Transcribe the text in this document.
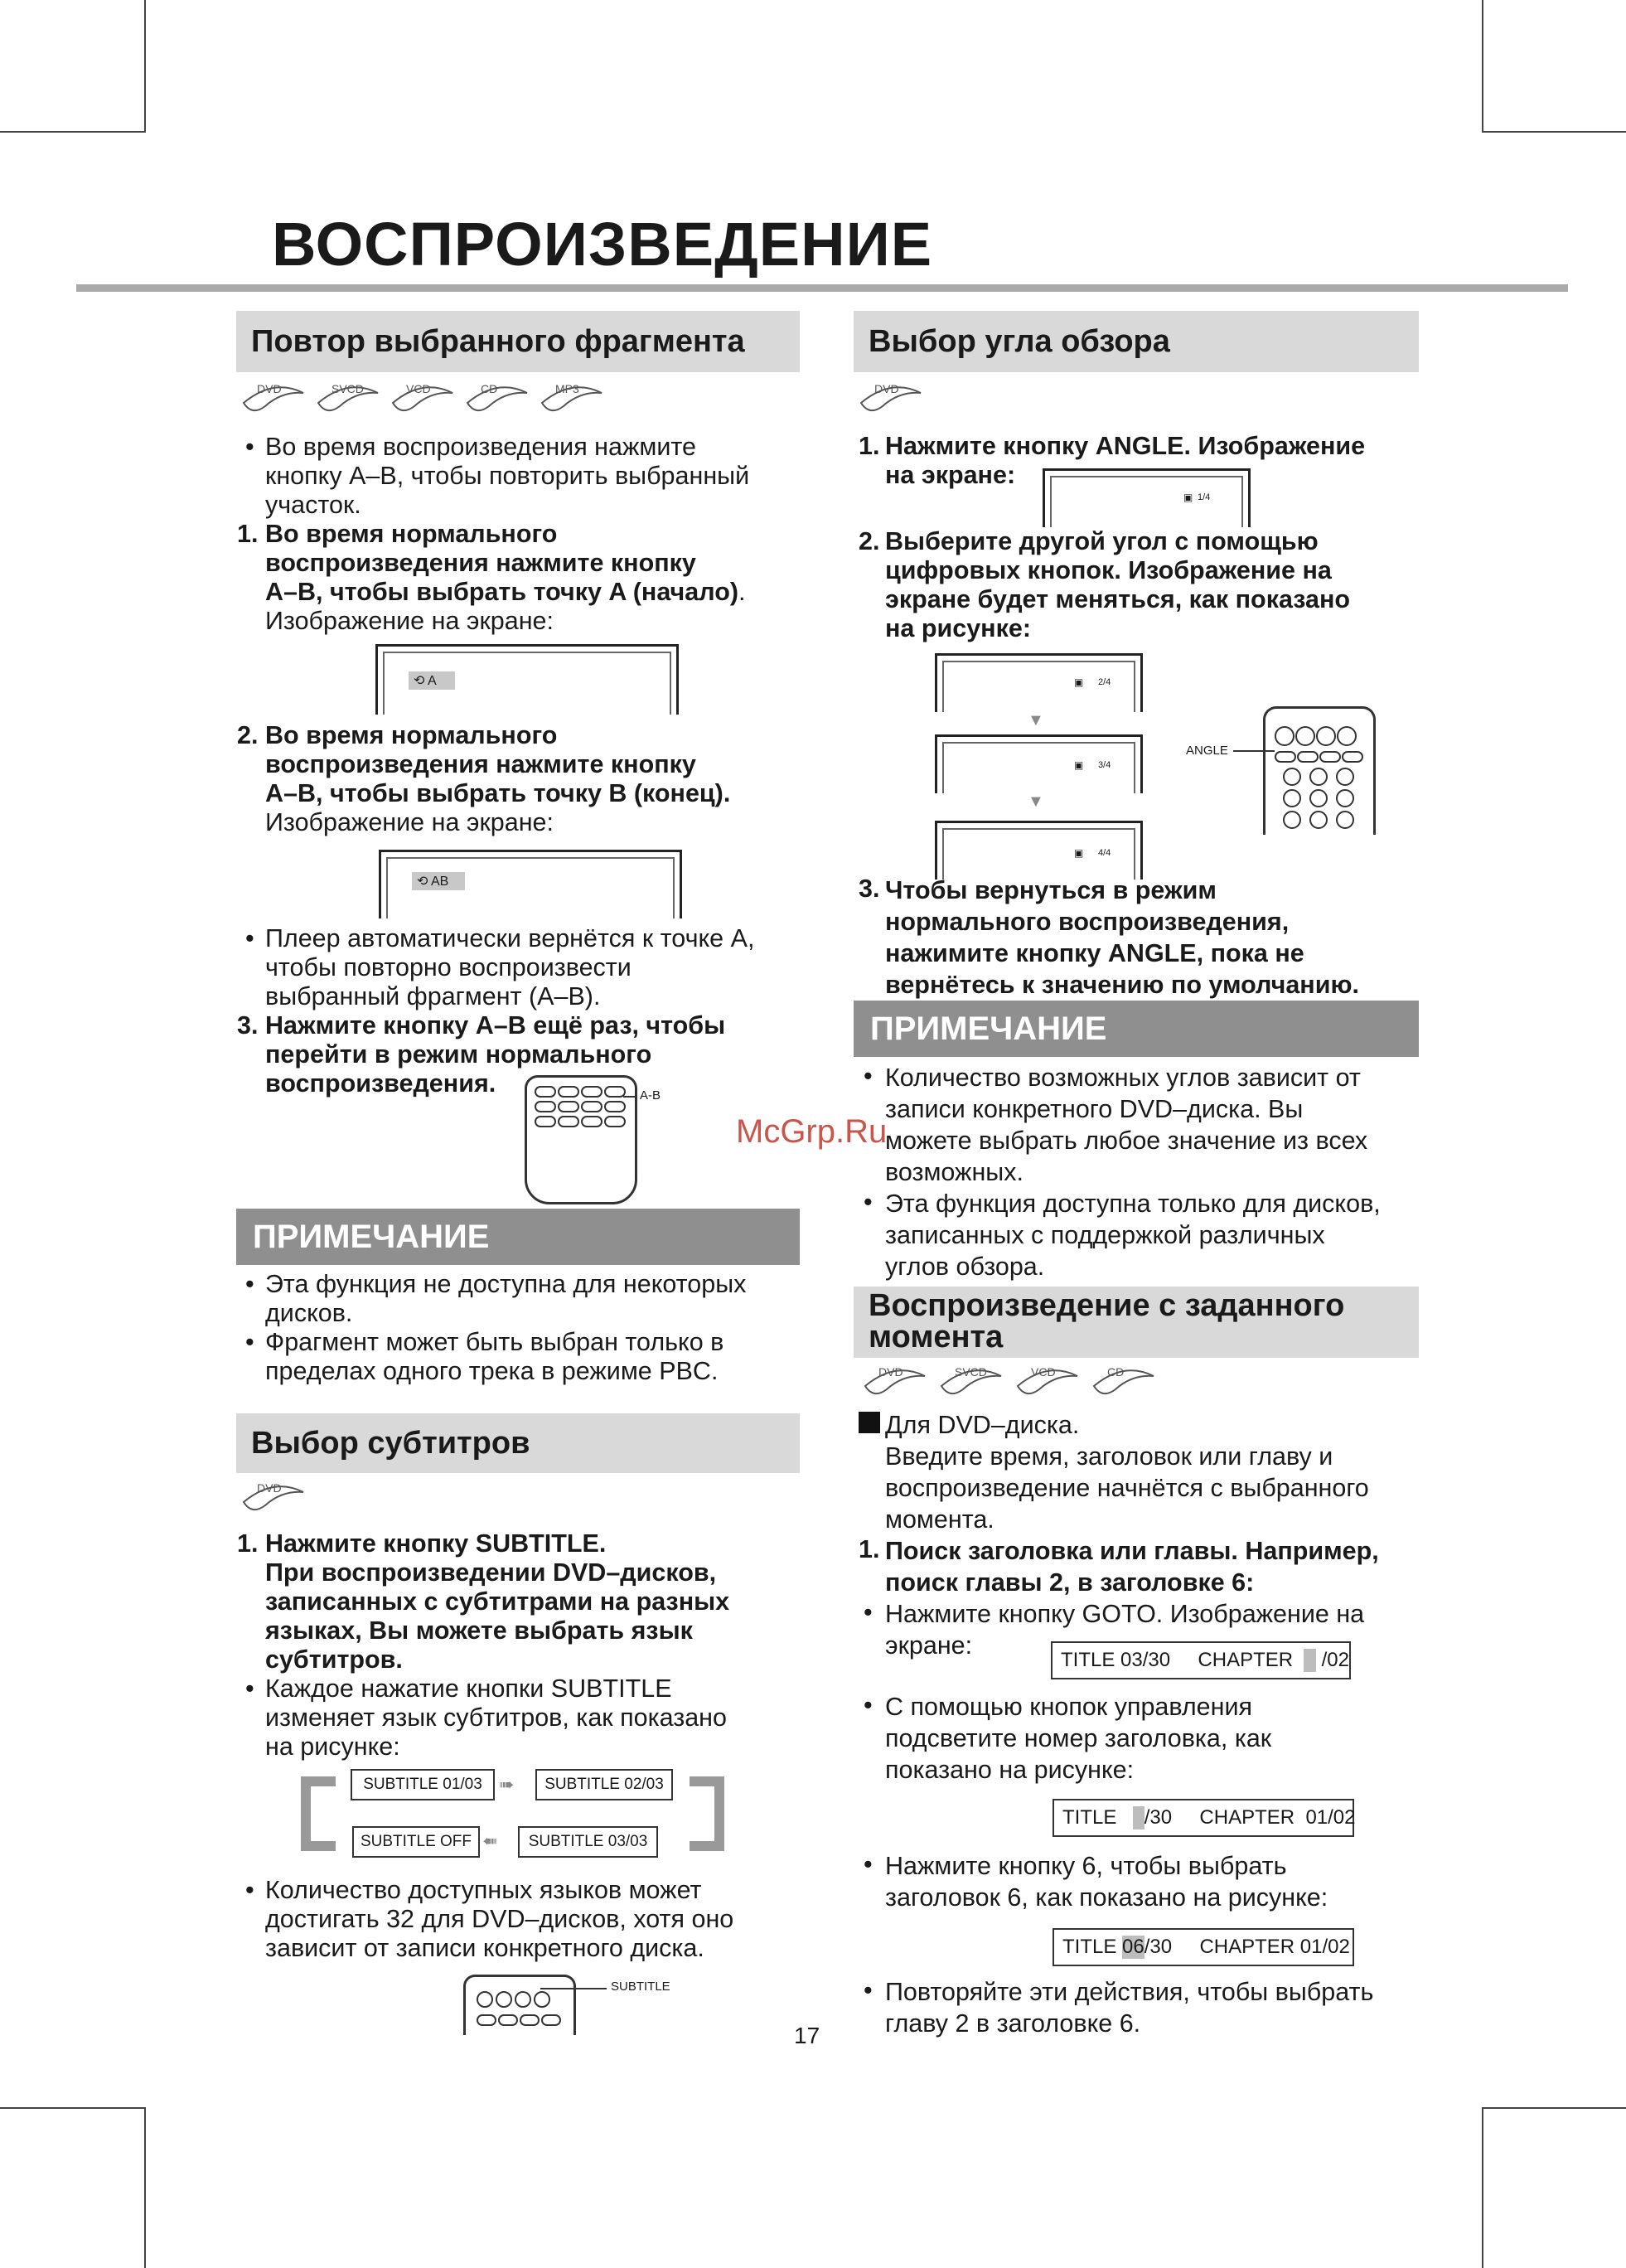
ВОСПРОИЗВЕДЕНИЕ
Повтор выбранного фрагмента
DVD	SVCD	VCD	CD	MP3
• Во время воспроизведения нажмите
кнопку A–B, чтобы повторить выбранный
участок.
1. Во время нормального
воспроизведения нажмите кнопку
A–B, чтобы выбрать точку A (начало).
Изображение на экране:
⟲ A
2. Во время нормального
воспроизведения нажмите кнопку
A–B, чтобы выбрать точку B (конец).
Изображение на экране:
⟲ AB
• Плеер автоматически вернётся к точке A,
чтобы повторно воспроизвести
выбранный фрагмент (A–B).
3. Нажмите кнопку A–B ещё раз, чтобы
перейти в режим нормального
воспроизведения.	A-B
ПРИМЕЧАНИЕ
• Эта функция не доступна для некоторых
дисков.
• Фрагмент может быть выбран только в
пределах одного трека в режиме PBC.
Выбор субтитров
DVD
1. Нажмите кнопку SUBTITLE.
При воспроизведении DVD–дисков,
записанных с субтитрами на разных
языках, Вы можете выбрать язык
субтитров.
• Каждое нажатие кнопки SUBTITLE
изменяет язык субтитров, как показано
на рисунке:
SUBTITLE 01/03 ➠	SUBTITLE 02/03
SUBTITLE 03/03
➠
SUBTITLE OFF
• Количество доступных языков может
достигать 32 для DVD–дисков, хотя оно
зависит от записи конкретного диска.
SUBTITLE
Выбор угла обзора
DVD
1. Нажмите кнопку ANGLE. Изображение
на экране:
▣ 1/4
2. Выберите другой угол с помощью
цифровых кнопок. Изображение на
экране будет меняться, как показано
на рисунке:
▣ 2/4
▼
▣ 3/4
▼
▣ 4/4
ANGLE
3. Чтобы вернуться в режим
нормального воспроизведения,
нажимите кнопку ANGLE, пока не
вернётесь к значению по умолчанию.
ПРИМЕЧАНИЕ
• Количество возможных углов зависит от
записи конкретного DVD–диска. Вы
можете выбрать любое значение из всех
возможных.
• Эта функция доступна только для дисков,
записанных с поддержкой различных
углов обзора.
Воспроизведение с заданного
момента
DVD	SVCD	VCD	CD
Для DVD–диска.
Введите время, заголовок или главу и
воспроизведение начнётся с выбранного
момента.
1. Поиск заголовка или главы. Например,
поиск главы 2, в заголовке 6:
• Нажмите кнопку GOTO. Изображение на
экране:
TITLE 03/30
CHAPTER

/02
• С помощью кнопок управления
подсветите номер заголовка, как
показано на рисунке:
TITLE

/30
CHAPTER  01/02
• Нажмите кнопку 6, чтобы выбрать
заголовок 6, как показано на рисунке:
TITLE
06 /30
CHAPTER 01/02
• Повторяйте эти действия, чтобы выбрать
главу 2 в заголовке 6.
McGrp.Ru
17
